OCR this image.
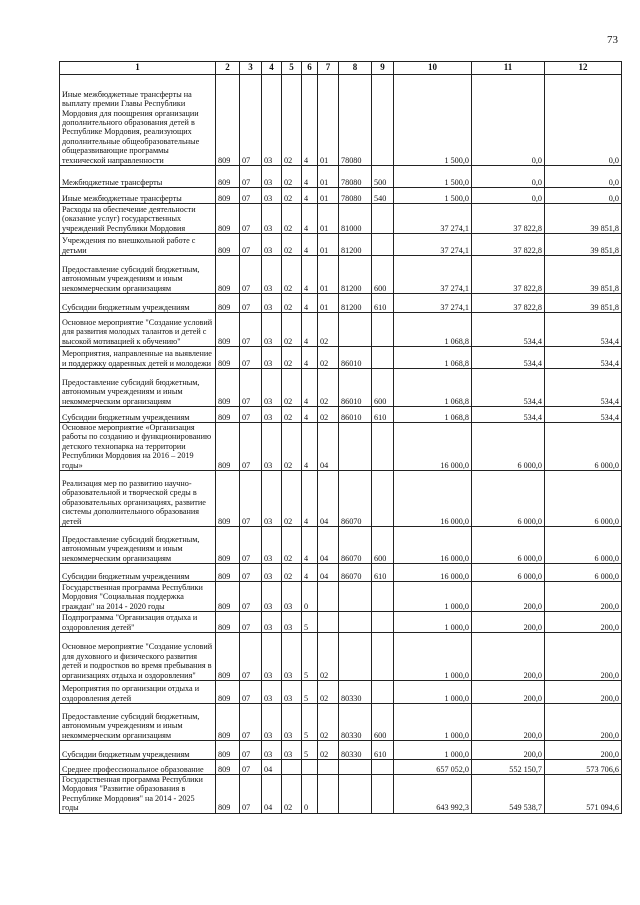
73
1	2	3	4	5	6	7	8	9	10	11	12
Иные межбюджетные трансферты на выплату премии Главы Республики Мордовия для поощрения организации дополнительного образования детей в Республике Мордовия, реализующих дополнительные общеобразовательные общеразвивающие программы технической направленности	809	07	03	02	4	01	78080		1 500,0	0,0	0,0
Межбюджетные трансферты	809	07	03	02	4	01	78080	500	1 500,0	0,0	0,0
Иные межбюджетные трансферты	809	07	03	02	4	01	78080	540	1 500,0	0,0	0,0
Расходы на обеспечение деятельности (оказание услуг) государственных учреждений Республики Мордовия	809	07	03	02	4	01	81000		37 274,1	37 822,8	39 851,8
Учреждения по внешкольной работе с детьми	809	07	03	02	4	01	81200		37 274,1	37 822,8	39 851,8
Предоставление субсидий бюджетным, автономным учреждениям и иным некоммерческим организациям	809	07	03	02	4	01	81200	600	37 274,1	37 822,8	39 851,8
Субсидии бюджетным учреждениям	809	07	03	02	4	01	81200	610	37 274,1	37 822,8	39 851,8
Основное мероприятие "Создание условий для развития молодых талантов и детей с высокой мотивацией к обучению"	809	07	03	02	4	02			1 068,8	534,4	534,4
Мероприятия, направленные на выявление и поддержку одаренных детей и молодежи	809	07	03	02	4	02	86010		1 068,8	534,4	534,4
Предоставление субсидий бюджетным, автономным учреждениям и иным некоммерческим организациям	809	07	03	02	4	02	86010	600	1 068,8	534,4	534,4
Субсидии бюджетным учреждениям	809	07	03	02	4	02	86010	610	1 068,8	534,4	534,4
Основное мероприятие «Организация работы по созданию и функционированию детского технопарка на территории Республики Мордовия на 2016 – 2019 годы»	809	07	03	02	4	04			16 000,0	6 000,0	6 000,0
Реализация мер по развитию научно-образовательной и творческой среды в образовательных организациях, развитие системы дополнительного образования детей	809	07	03	02	4	04	86070		16 000,0	6 000,0	6 000,0
Предоставление субсидий бюджетным, автономным учреждениям и иным некоммерческим организациям	809	07	03	02	4	04	86070	600	16 000,0	6 000,0	6 000,0
Субсидии бюджетным учреждениям	809	07	03	02	4	04	86070	610	16 000,0	6 000,0	6 000,0
Государственная программа Республики Мордовия "Социальная поддержка граждан" на 2014 - 2020 годы	809	07	03	03	0				1 000,0	200,0	200,0
Подпрограмма "Организация отдыха и оздоровления детей"	809	07	03	03	5				1 000,0	200,0	200,0
Основное мероприятие "Создание условий для духовного и физического развития детей и подростков во время пребывания в организациях отдыха и оздоровления"	809	07	03	03	5	02			1 000,0	200,0	200,0
Мероприятия по организации отдыха и оздоровления детей	809	07	03	03	5	02	80330		1 000,0	200,0	200,0
Предоставление субсидий бюджетным, автономным учреждениям и иным некоммерческим организациям	809	07	03	03	5	02	80330	600	1 000,0	200,0	200,0
Субсидии бюджетным учреждениям	809	07	03	03	5	02	80330	610	1 000,0	200,0	200,0
Среднее профессиональное образование	809	07	04						657 052,0	552 150,7	573 706,6
Государственная программа Республики Мордовия "Развитие образования в Республике Мордовия" на 2014 - 2025 годы	809	07	04	02	0				643 992,3	549 538,7	571 094,6
